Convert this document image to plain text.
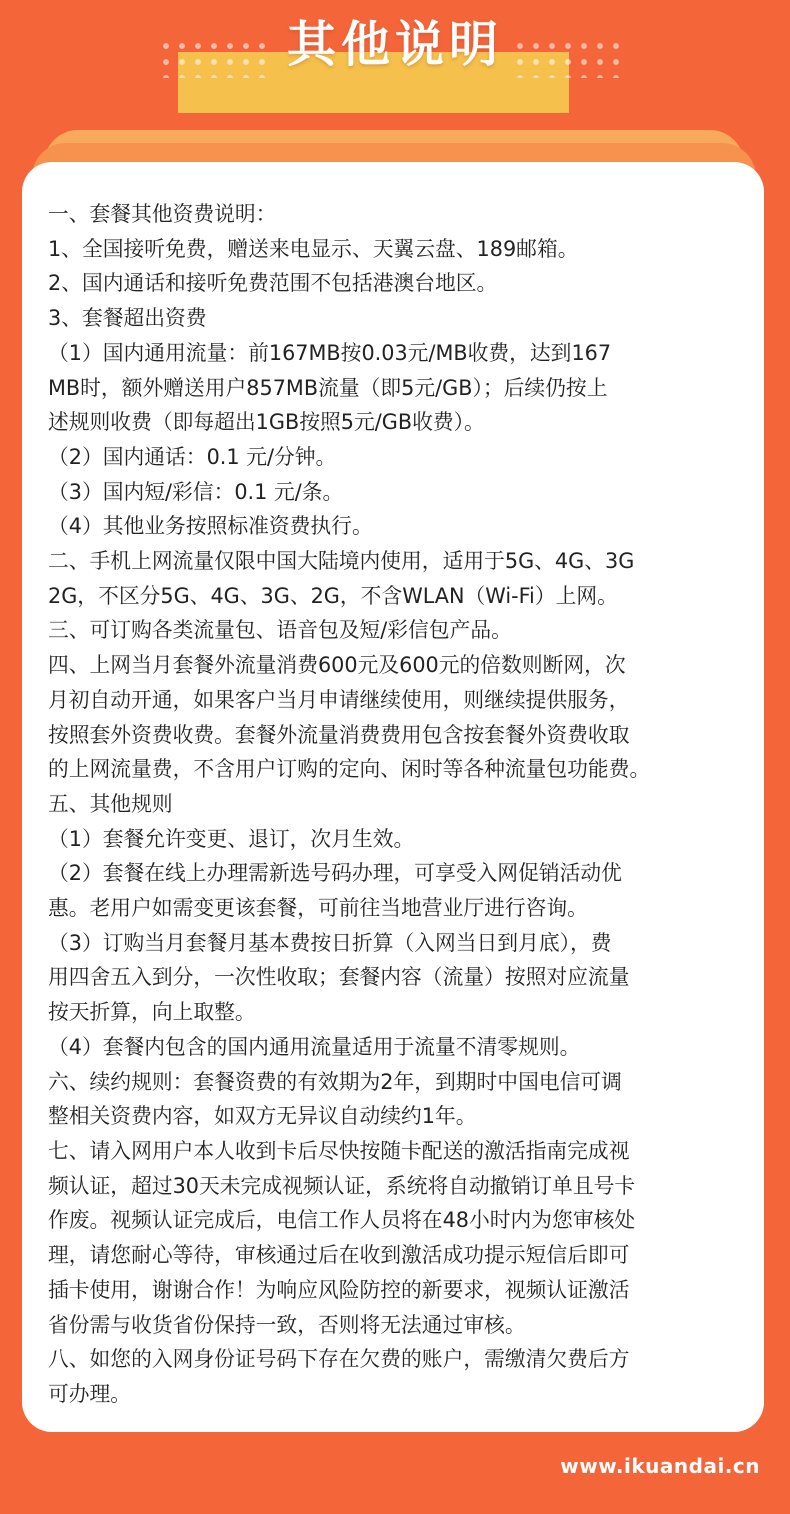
其他说明

一、套餐其他资费说明：

1、全国接听免费，赠送来电显示、天翼云盘、189邮箱。

2、国内通话和接听免费范围不包括港澳台地区。

3、套餐超出资费

（1）国内通用流量：前167MB按0.03元/MB收费，达到167

MB时，额外赠送用户857MB流量（即5元/GB）；后续仍按上

述规则收费（即每超出1GB按照5元/GB收费）。

（2）国内通话：0.1 元/分钟。

（3）国内短/彩信：0.1 元/条。

（4）其他业务按照标准资费执行。

二、手机上网流量仅限中国大陆境内使用，适用于5G、4G、3G

2G，不区分5G、4G、3G、2G，不含WLAN（Wi-Fi）上网。

三、可订购各类流量包、语音包及短/彩信包产品。

四、上网当月套餐外流量消费600元及600元的倍数则断网，次

月初自动开通，如果客户当月申请继续使用，则继续提供服务，

按照套外资费收费。套餐外流量消费费用包含按套餐外资费收取

的上网流量费，不含用户订购的定向、闲时等各种流量包功能费。

五、其他规则

（1）套餐允许变更、退订，次月生效。

（2）套餐在线上办理需新选号码办理，可享受入网促销活动优

惠。老用户如需变更该套餐，可前往当地营业厅进行咨询。

（3）订购当月套餐月基本费按日折算（入网当日到月底），费

用四舍五入到分，一次性收取；套餐内容（流量）按照对应流量

按天折算，向上取整。

（4）套餐内包含的国内通用流量适用于流量不清零规则。

六、续约规则：套餐资费的有效期为2年，到期时中国电信可调

整相关资费内容，如双方无异议自动续约1年。

七、请入网用户本人收到卡后尽快按随卡配送的激活指南完成视

频认证，超过30天未完成视频认证，系统将自动撤销订单且号卡

作废。视频认证完成后，电信工作人员将在48小时内为您审核处

理，请您耐心等待，审核通过后在收到激活成功提示短信后即可

插卡使用，谢谢合作！为响应风险防控的新要求，视频认证激活

省份需与收货省份保持一致，否则将无法通过审核。

八、如您的入网身份证号码下存在欠费的账户，需缴清欠费后方

可办理。

www.ikuandai.cn
